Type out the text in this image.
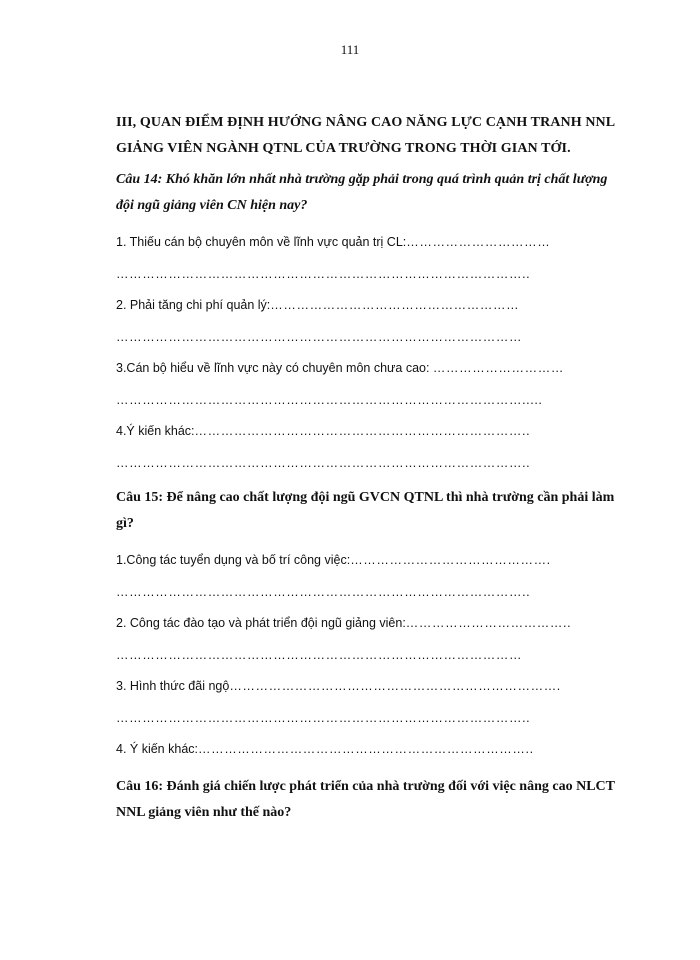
111

III, QUAN ĐIỂM ĐỊNH HƯỚNG NÂNG CAO NĂNG LỰC CẠNH TRANH NNL GIẢNG VIÊN NGÀNH QTNL CỦA TRƯỜNG TRONG THỜI GIAN TỚI.

Câu 14: Khó khăn lớn nhất nhà trường gặp phải trong quá trình quản trị chất lượng đội ngũ giảng viên CN hiện nay?

1. Thiếu cán bộ chuyên môn về lĩnh vực quản trị CL:……………………………
…………………………………………………………………………………..
2. Phải tăng chi phí quản lý:…………………………………………………
…………………………………………………………………………………
3.Cán bộ hiểu về lĩnh vực này có chuyên môn chưa cao: …………………………
………………………………………………………………………………….....
4.Ý kiến khác:…………………………………………………………………..
…………………………………………………………………………………..

Câu 15: Để nâng cao chất lượng đội ngũ GVCN QTNL thì nhà trường cần phải làm gì?

1.Công tác tuyển dụng và bố trí công việc:……………………………………….
…………………………………………………………………………………..
2. Công tác đào tạo và phát triển đội ngũ giảng viên:………………………………..
…………………………………………………………………………………
3. Hình thức đãi ngộ………………………………………………………………….
…………………………………………………………………………………..
4. Ý kiến khác:…………………………………………………………………..

Câu 16: Đánh giá chiến lược phát triển của nhà trường đối với việc nâng cao NLCT NNL giảng viên như thế nào?
